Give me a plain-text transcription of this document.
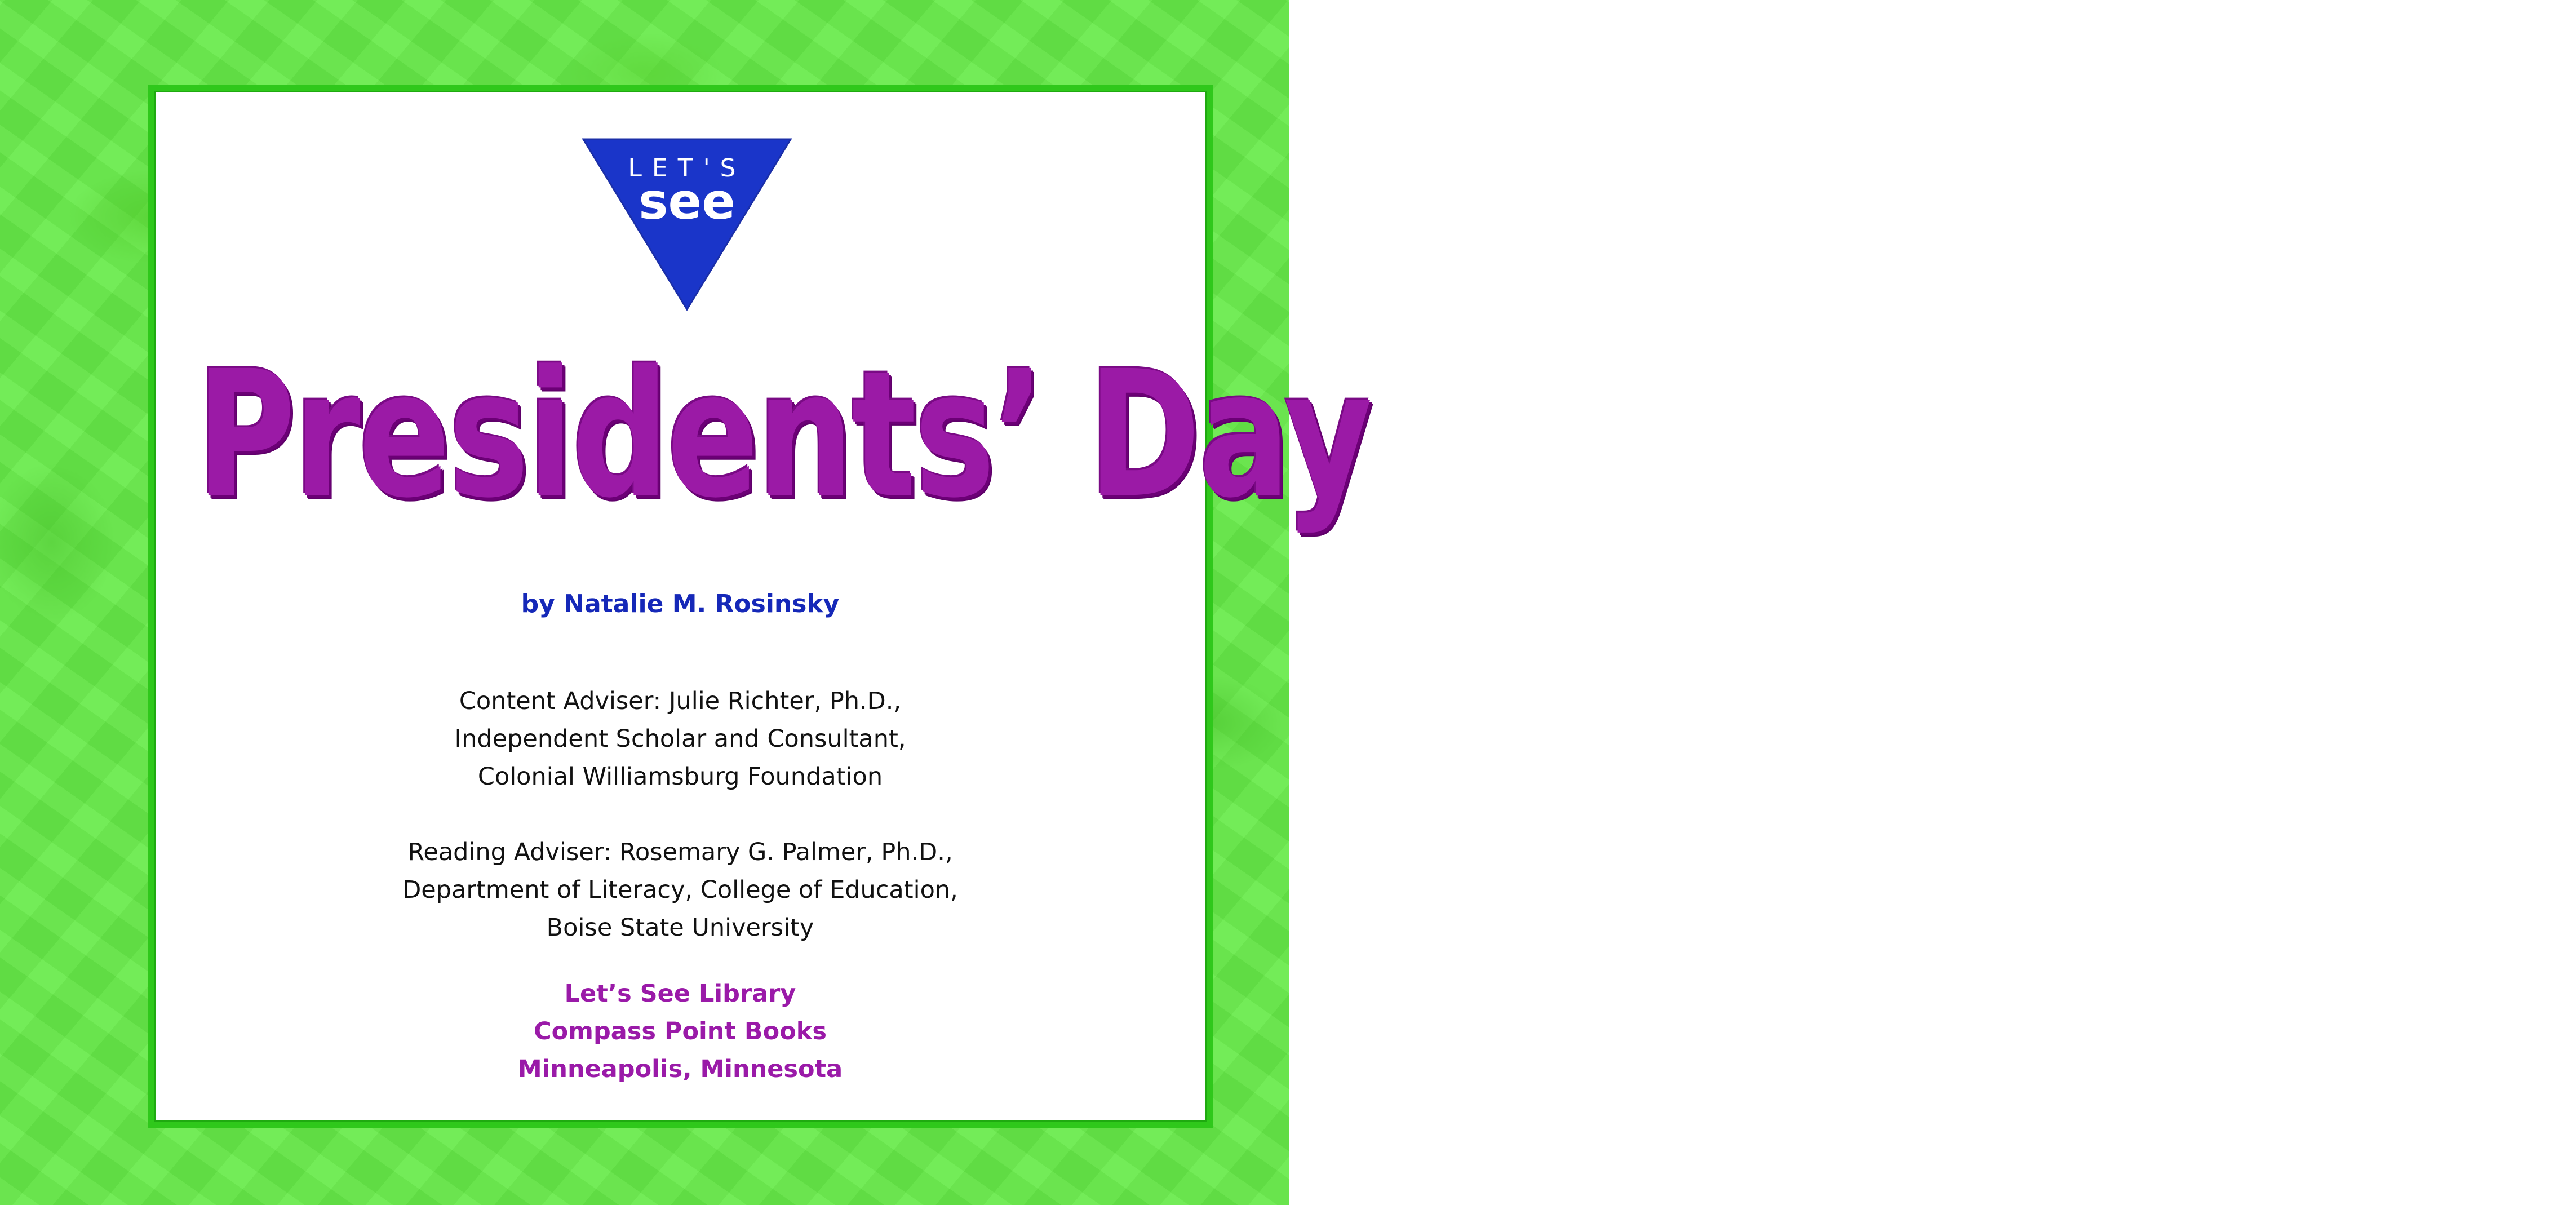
LET'S
see
Presidents’ Day
by Natalie M. Rosinsky
Content Adviser: Julie Richter, Ph.D.,
Independent Scholar and Consultant,
Colonial Williamsburg Foundation
Reading Adviser: Rosemary G. Palmer, Ph.D.,
Department of Literacy, College of Education,
Boise State University
Let’s See Library
Compass Point Books
Minneapolis, Minnesota
